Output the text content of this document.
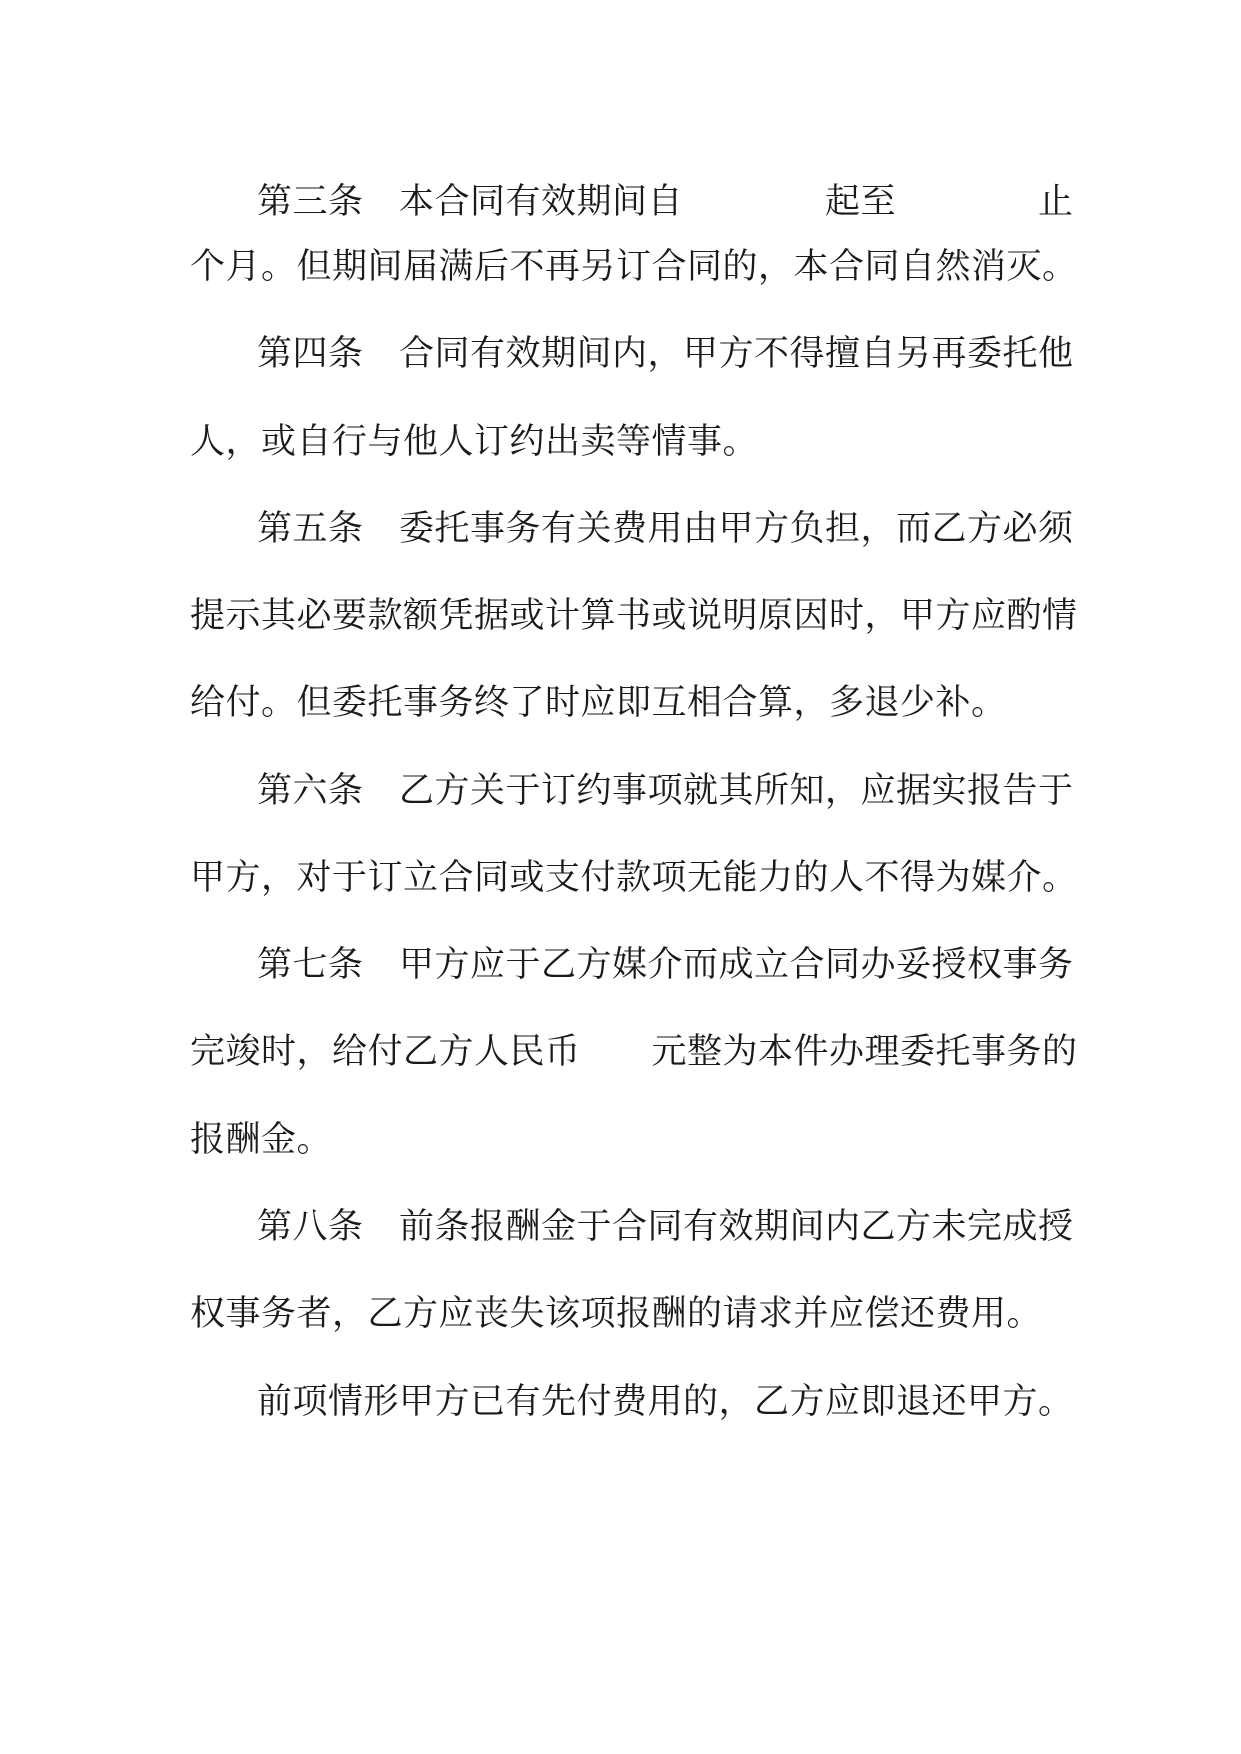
第三条　本合同有效期间自　　　　起至　　　　止
个月。但期间届满后不再另订合同的，本合同自然消灭。
第四条　合同有效期间内，甲方不得擅自另再委托他
人，或自行与他人订约出卖等情事。
第五条　委托事务有关费用由甲方负担，而乙方必须
提示其必要款额凭据或计算书或说明原因时，甲方应酌情
给付。但委托事务终了时应即互相合算，多退少补。
第六条　乙方关于订约事项就其所知，应据实报告于
甲方，对于订立合同或支付款项无能力的人不得为媒介。
第七条　甲方应于乙方媒介而成立合同办妥授权事务
完竣时，给付乙方人民币　　元整为本件办理委托事务的
报酬金。
第八条　前条报酬金于合同有效期间内乙方未完成授
权事务者，乙方应丧失该项报酬的请求并应偿还费用。
前项情形甲方已有先付费用的，乙方应即退还甲方。
